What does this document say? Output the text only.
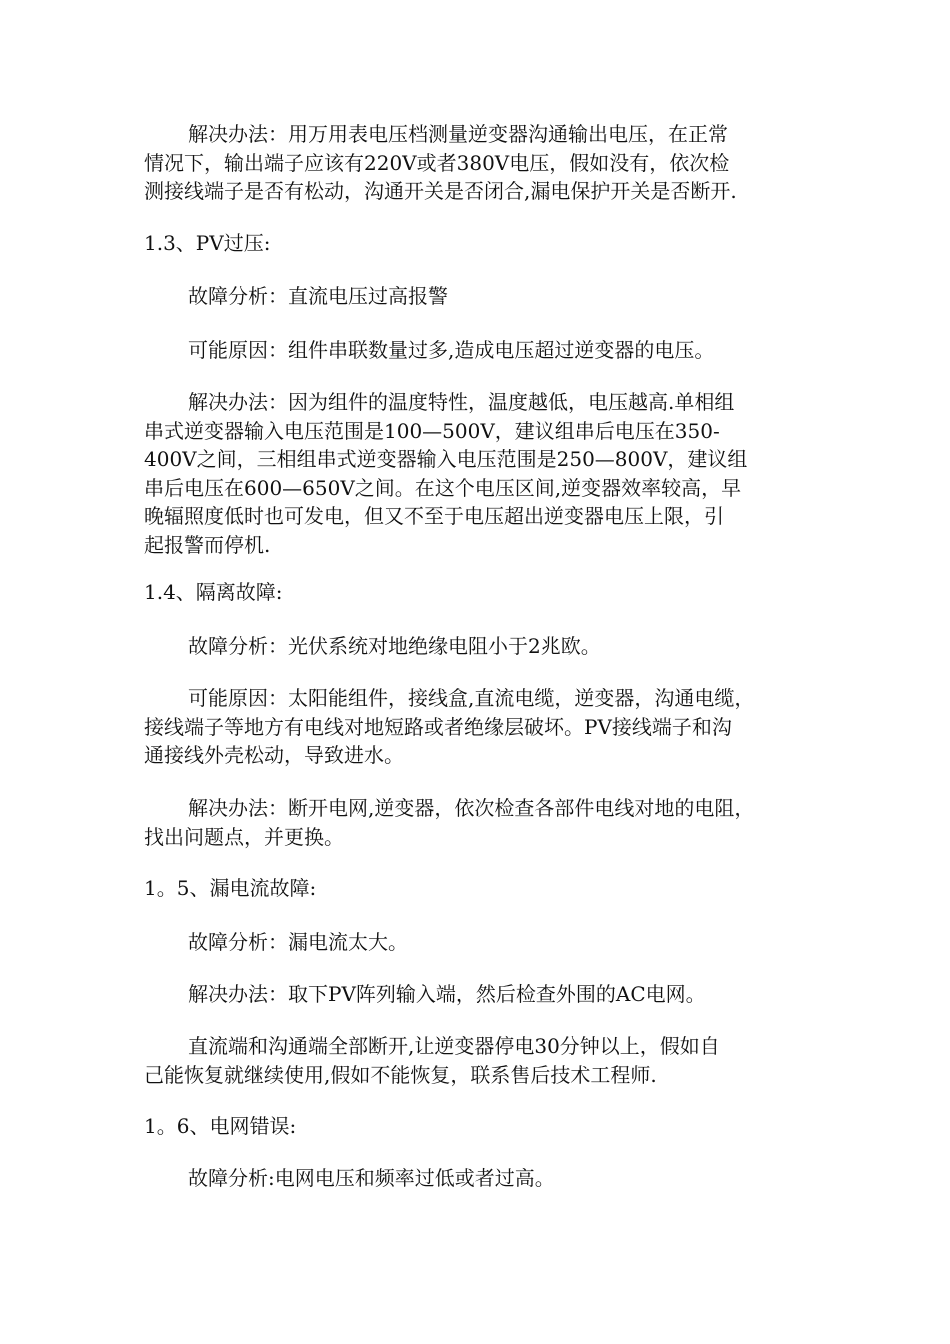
解决办法：用万用表电压档测量逆变器沟通输出电压，在正常
情况下，输出端子应该有220V或者380V电压，假如没有，依次检
测接线端子是否有松动，沟通开关是否闭合,漏电保护开关是否断开.

1.3、PV过压:

故障分析：直流电压过高报警

可能原因：组件串联数量过多,造成电压超过逆变器的电压。

解决办法：因为组件的温度特性，温度越低，电压越高.单相组
串式逆变器输入电压范围是100—500V，建议组串后电压在350-
400V之间，三相组串式逆变器输入电压范围是250—800V，建议组
串后电压在600—650V之间。在这个电压区间,逆变器效率较高，早
晚辐照度低时也可发电，但又不至于电压超出逆变器电压上限，引
起报警而停机.

1.4、隔离故障:

故障分析：光伏系统对地绝缘电阻小于2兆欧。

可能原因：太阳能组件，接线盒,直流电缆，逆变器，沟通电缆，
接线端子等地方有电线对地短路或者绝缘层破坏。PV接线端子和沟
通接线外壳松动，导致进水。

解决办法：断开电网,逆变器，依次检查各部件电线对地的电阻，
找出问题点，并更换。

1。5、漏电流故障:

故障分析：漏电流太大。

解决办法：取下PV阵列输入端，然后检查外围的AC电网。

直流端和沟通端全部断开,让逆变器停电30分钟以上，假如自
己能恢复就继续使用,假如不能恢复，联系售后技术工程师.

1。6、电网错误:

故障分析:电网电压和频率过低或者过高。
